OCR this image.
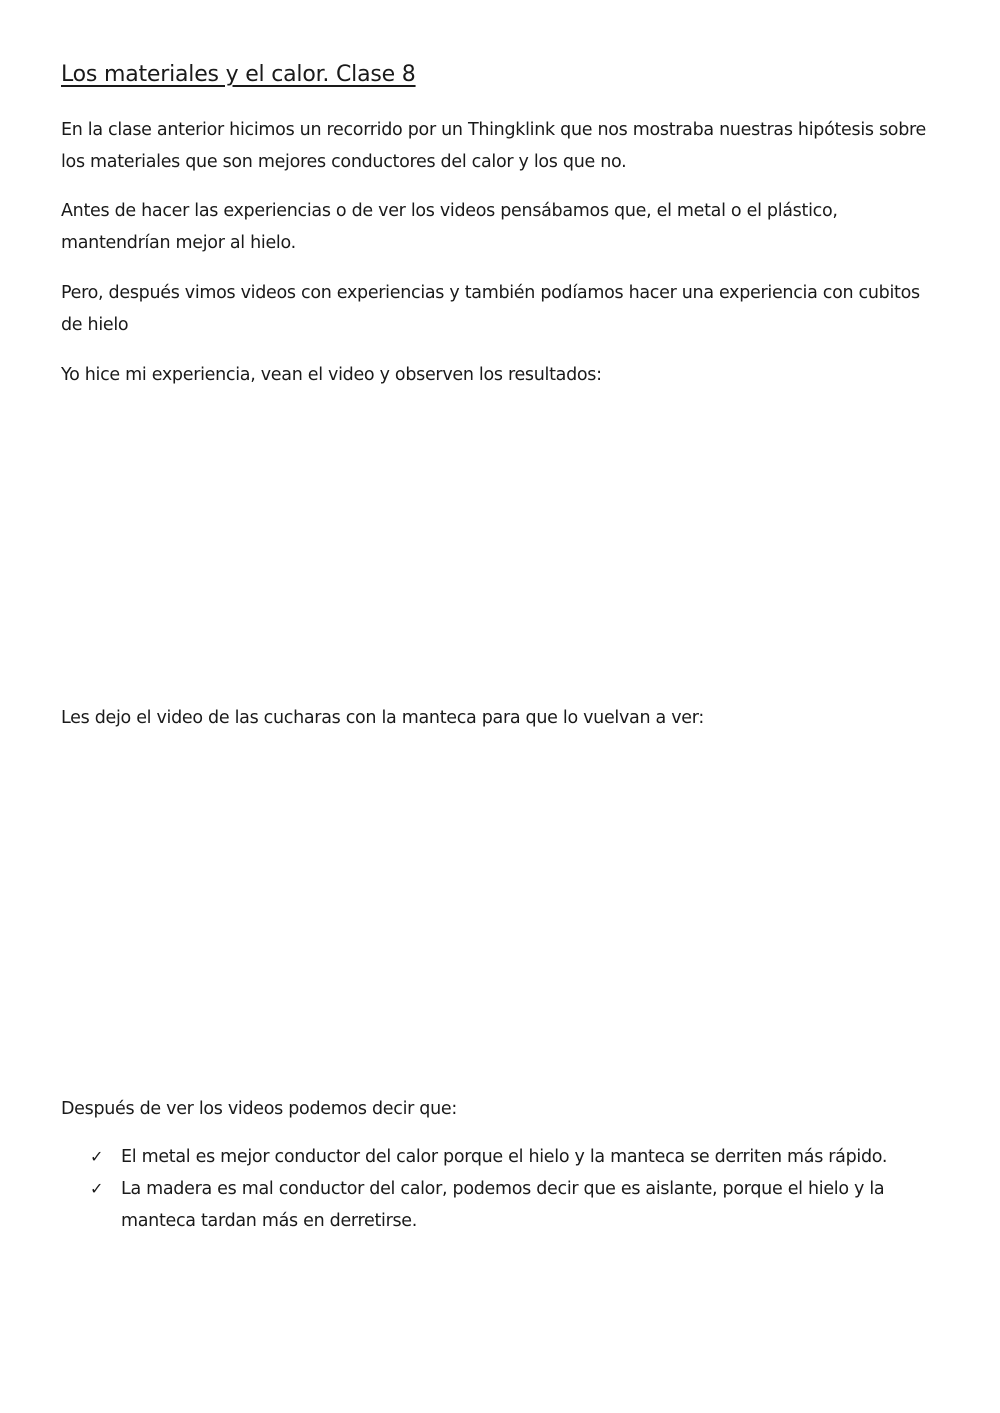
Los materiales y el calor. Clase 8

En la clase anterior hicimos un recorrido por un Thingklink que nos mostraba nuestras hipótesis sobre los materiales que son mejores conductores del calor y los que no.

Antes de hacer las experiencias o de ver los videos pensábamos que, el metal o el plástico, mantendrían mejor al hielo.

Pero, después vimos videos con experiencias y también podíamos hacer una experiencia con cubitos de hielo

Yo hice mi experiencia, vean el video y observen los resultados:

Les dejo el video de las cucharas con la manteca para que lo vuelvan a ver:

Después de ver los videos podemos decir que:

✓ El metal es mejor conductor del calor porque el hielo y la manteca se derriten más rápido.
✓ La madera es mal conductor del calor, podemos decir que es aislante, porque el hielo y la manteca tardan más en derretirse.
